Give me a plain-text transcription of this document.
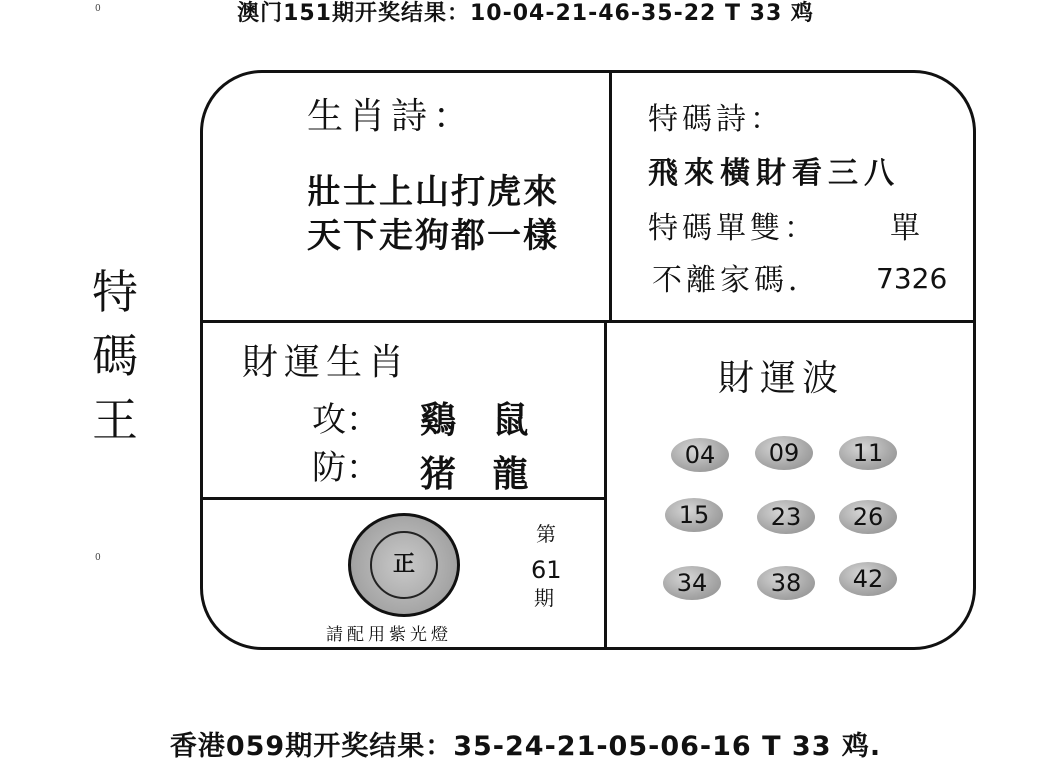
澳门151期开奖结果：10-04-21-46-35-22 T 33 鸡
香港059期开奖结果：35-24-21-05-06-16 T 33 鸡.
0
0
特
碼
王
生肖詩：
壯士上山打虎來
天下走狗都一樣
特碼詩：
飛來橫財看三八
特碼單雙： 單
不離家碼． 7326
財運生肖
攻： 鷄 鼠
防： 猪 龍
財運波
04	09	11
15	23	26
34	38	42
正
請配用紫光燈
第
61
期
